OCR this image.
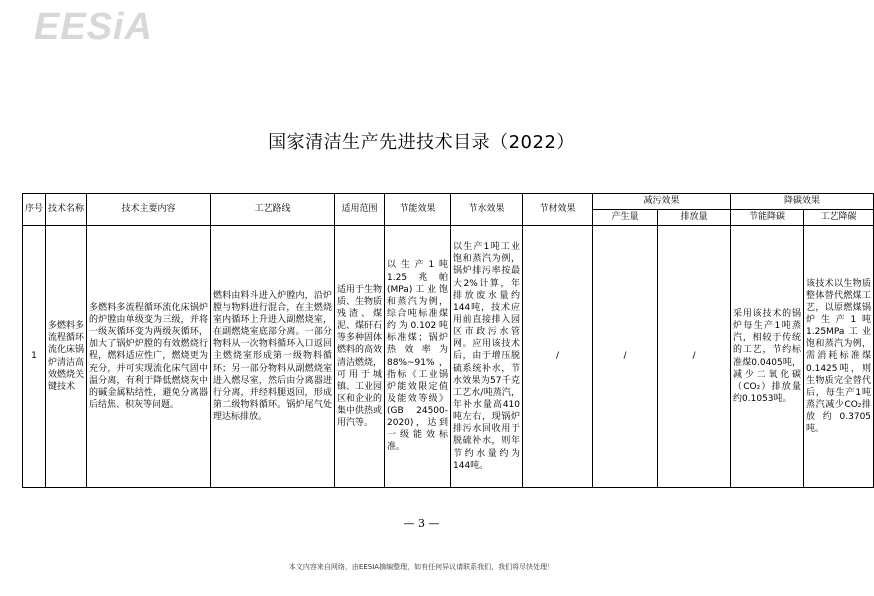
EESiA
国家清洁生产先进技术目录（2022）
序号	技术名称	技术主要内容	工艺路线	适用范围	节能效果	节水效果	节材效果	减污效果		降碳效果	
								产生量	排放量	节能降碳	工艺降碳
1	多燃料多流程循环流化床锅炉清洁高效燃烧关键技术	多燃料多流程循环流化床锅炉的炉膛由单级变为三级，并将一级灰循环变为两级灰循环，加大了锅炉炉膛的有效燃烧行程，燃料适应性广，燃烧更为充分，并可实现流化床气固中温分离，有利于降低燃烧灰中的碱金属粘结性，避免分离器后结焦、积灰等问题。	燃料由料斗进入炉膛内，沿炉膛与物料进行混合，在主燃烧室内循环上升进入副燃烧室，在副燃烧室底部分离。一部分物料从一次物料循环入口返回主燃烧室形成第一级物料循环；另一部分物料从副燃烧室进入燃尽室，然后由分离器进行分离，并经料腿返回，形成第二级物料循环。锅炉尾气处理达标排放。	适用于生物质、生物质残渣、煤泥、煤矸石等多种固体燃料的高效清洁燃烧，可用于城镇、工业园区和企业的集中供热或用汽等。	以生产1吨1.25兆帕(MPa)工业饱和蒸汽为例，综合吨标准煤约为0.102吨标准煤；锅炉热效率为88%~91%，指标《工业锅炉能效限定值及能效等级》(GB 24500-2020)，达到一级能效标准。	以生产1吨工业饱和蒸汽为例，锅炉排污率按最大2%计算，年排放废水量约144吨，技术应用前直接排入园区市政污水管网。应用该技术后，由于增压脱硫系统补水，节水效果为57千克工艺水/吨蒸汽，年补水量高410吨左右，现锅炉排污水回收用于脱硫补水，则年节约水量约为144吨。	/	/	/	采用该技术的锅炉每生产1吨蒸汽，相较于传统的工艺，节约标准煤0.0405吨，减少二氧化碳（CO₂）排放量约0.1053吨。	该技术以生物质整体替代燃煤工艺，以原燃煤锅炉生产1吨1.25MPa工业饱和蒸汽为例，需消耗标准煤0.1425吨，则生物质完全替代后，每生产1吨蒸汽减少CO₂排放约0.3705吨。
— 3 —
本文内容来自网络，由EESIA摘编整理，如有任何异议请联系我们，我们将尽快处理！
